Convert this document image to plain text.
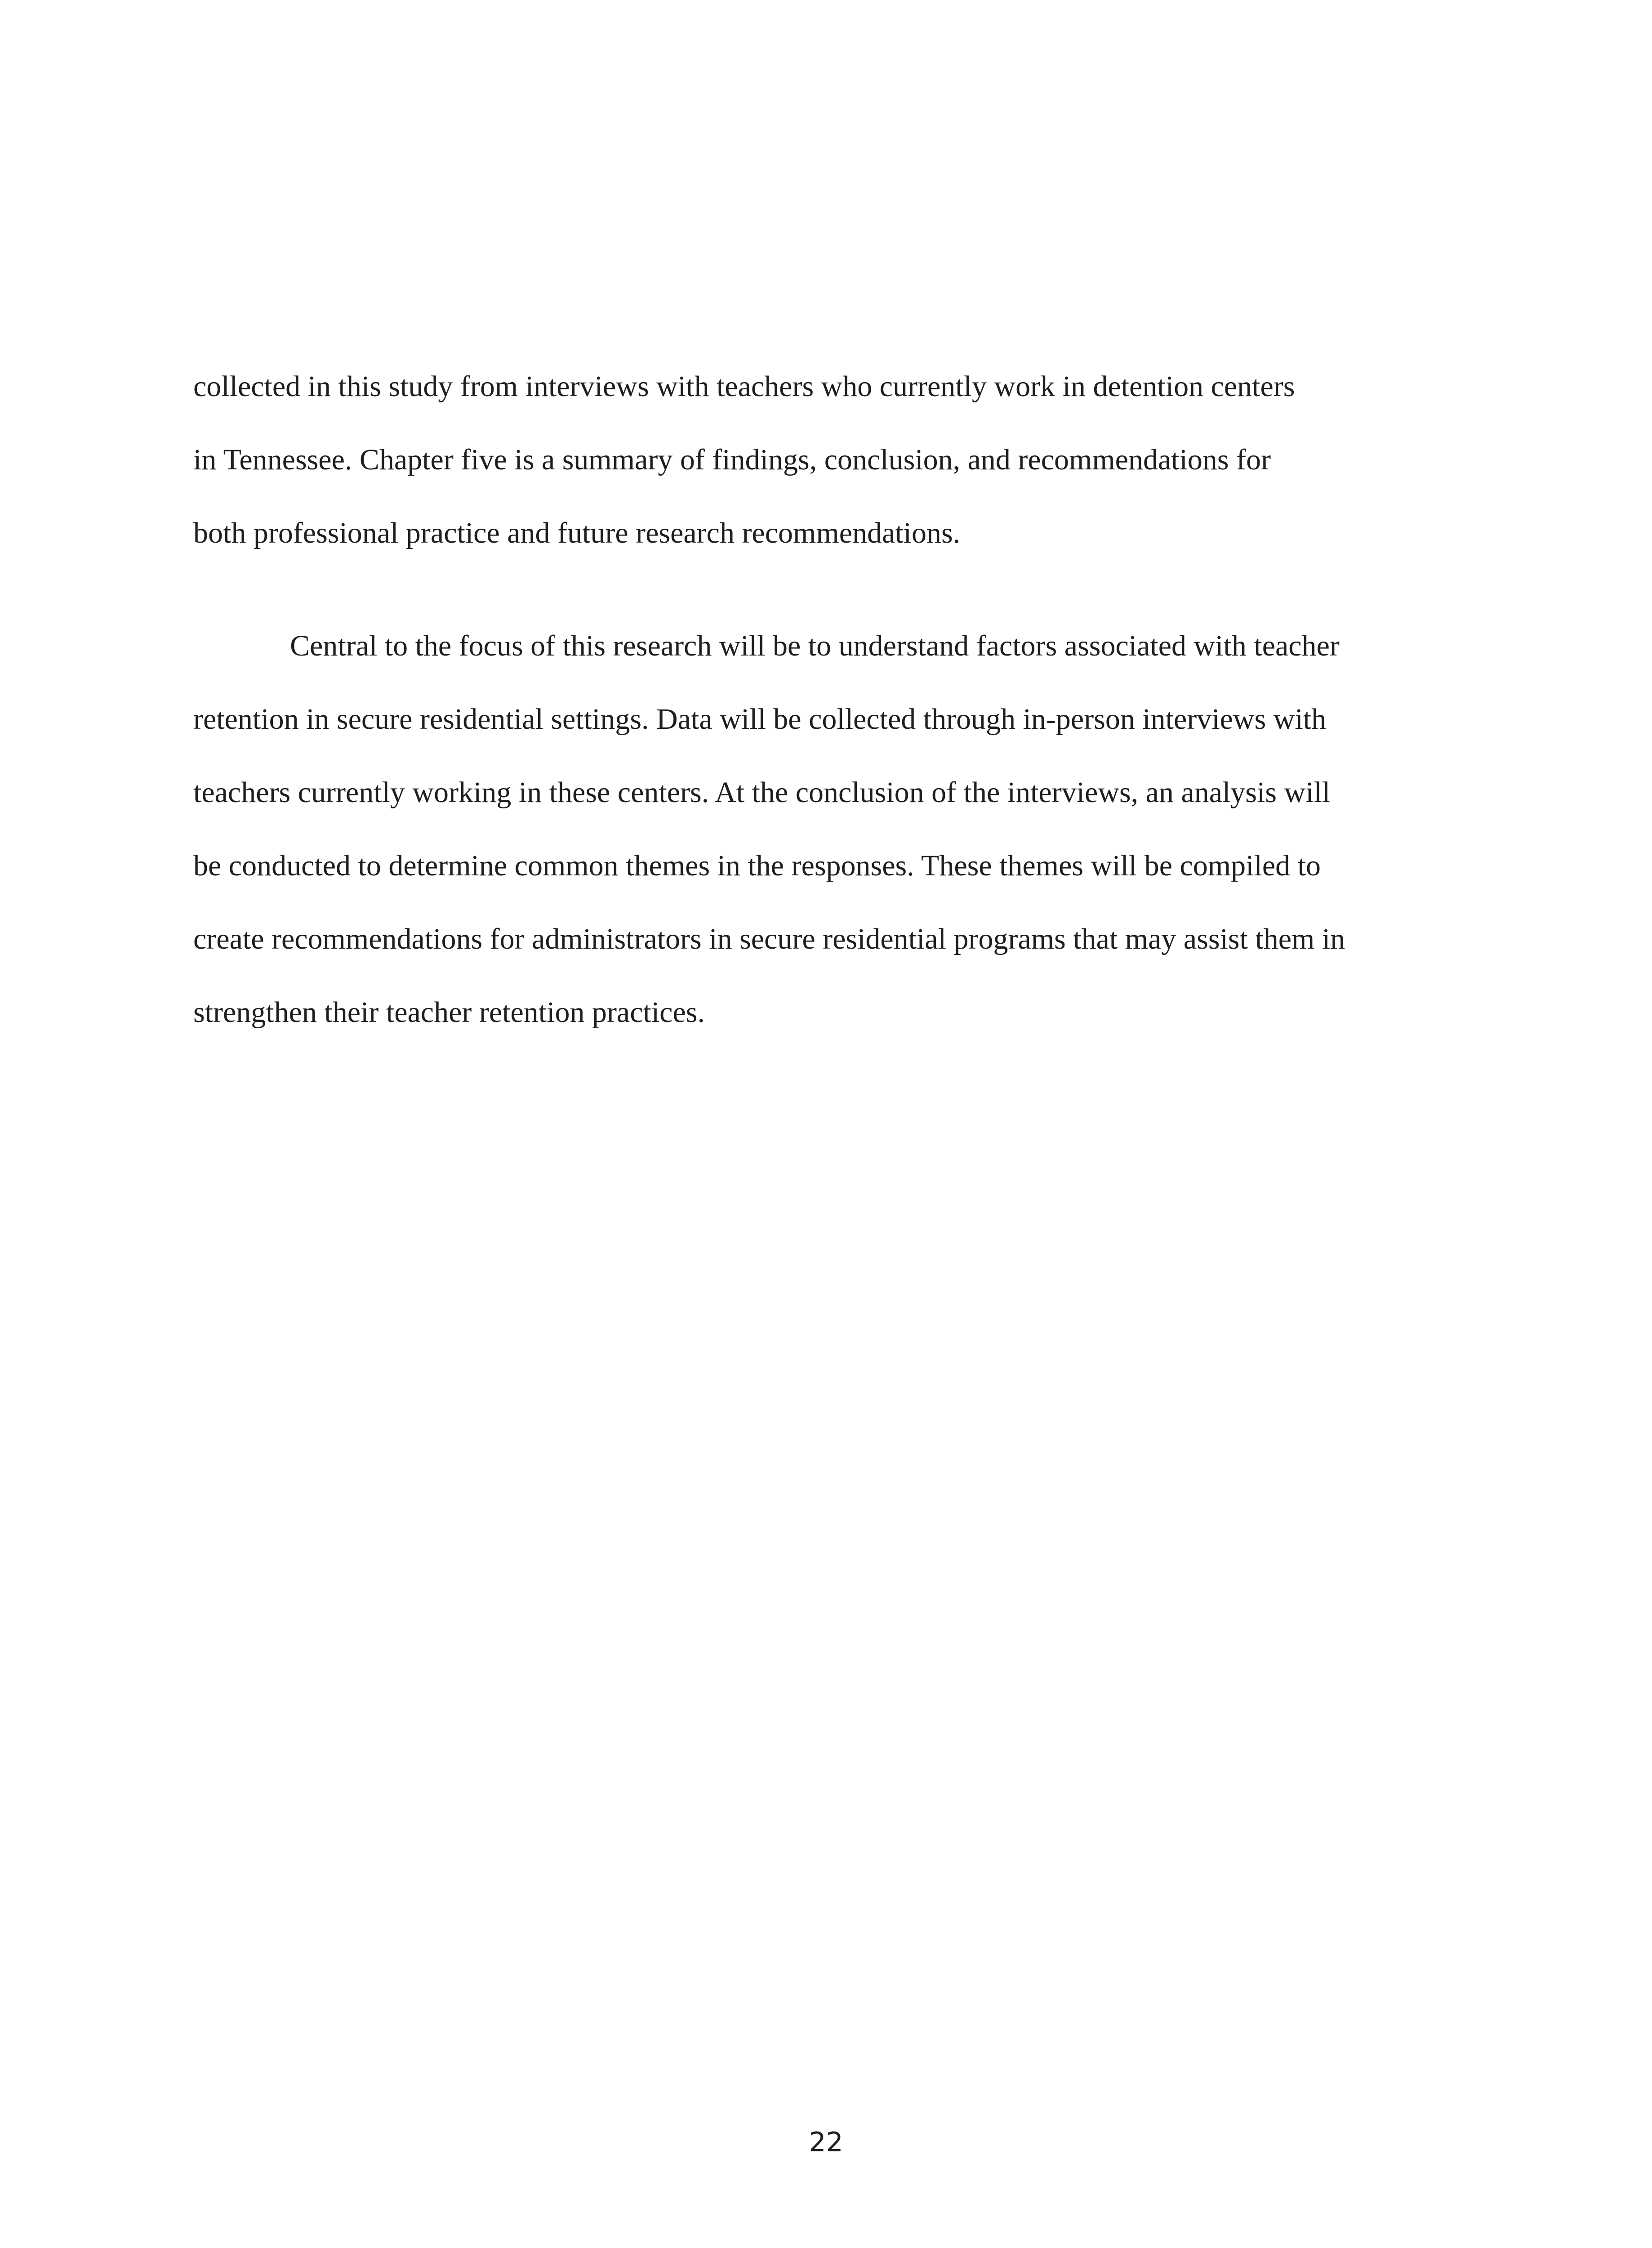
collected in this study from interviews with teachers who currently work in detention centers
in Tennessee. Chapter five is a summary of findings, conclusion, and recommendations for
both professional practice and future research recommendations.
Central to the focus of this research will be to understand factors associated with teacher
retention in secure residential settings. Data will be collected through in-person interviews with
teachers currently working in these centers. At the conclusion of the interviews, an analysis will
be conducted to determine common themes in the responses. These themes will be compiled to
create recommendations for administrators in secure residential programs that may assist them in
strengthen their teacher retention practices.
22
